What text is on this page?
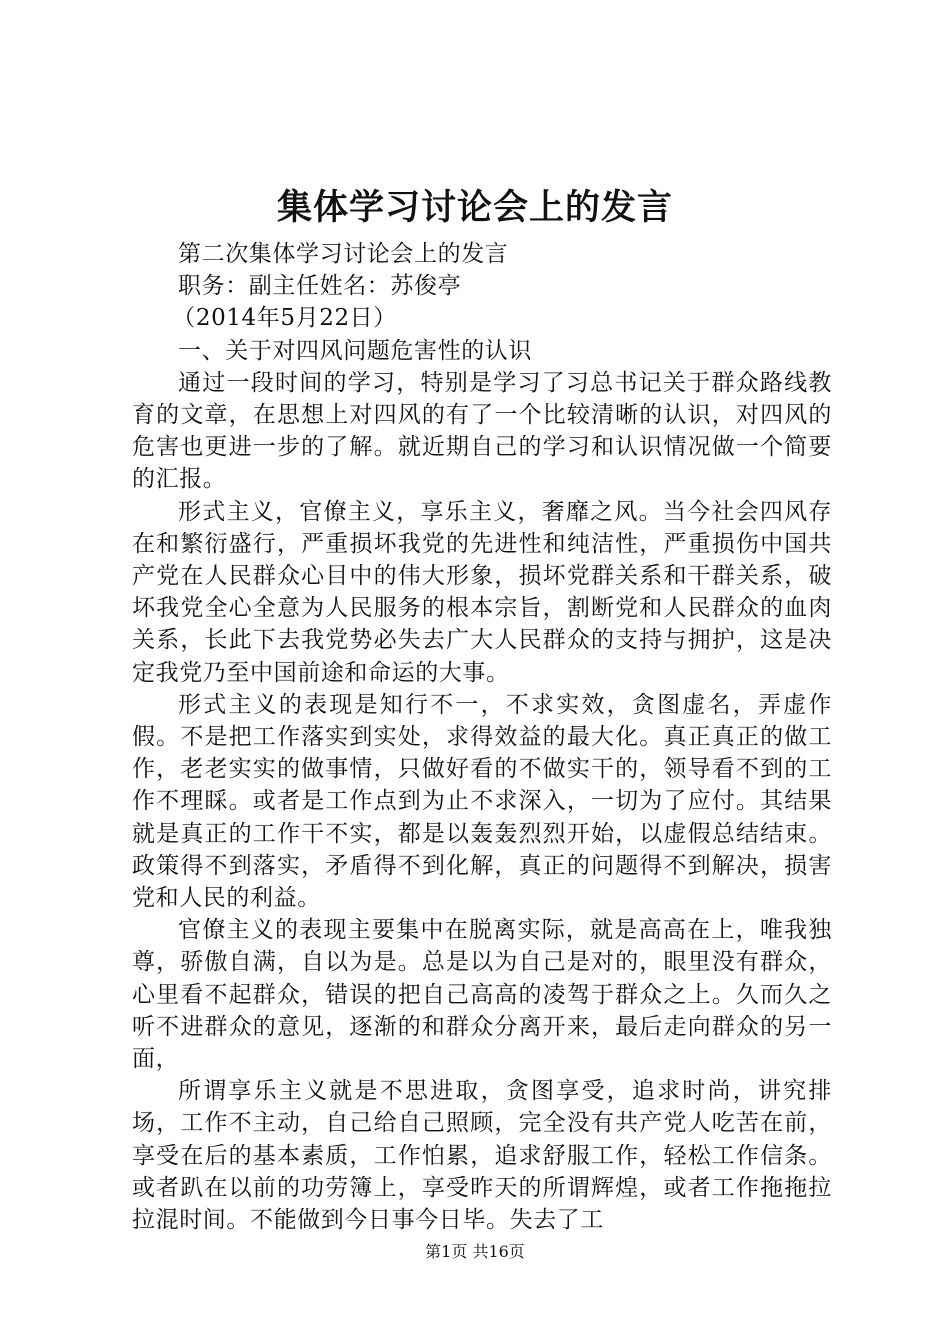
集体学习讨论会上的发言

第二次集体学习讨论会上的发言

职务：副主任姓名：苏俊亭

（2014年5月22日）

一、关于对四风问题危害性的认识

通过一段时间的学习，特别是学习了习总书记关于群众路线教育的文章，在思想上对四风的有了一个比较清晰的认识，对四风的危害也更进一步的了解。就近期自己的学习和认识情况做一个简要的汇报。

形式主义，官僚主义，享乐主义，奢靡之风。当今社会四风存在和繁衍盛行，严重损坏我党的先进性和纯洁性，严重损伤中国共产党在人民群众心目中的伟大形象，损坏党群关系和干群关系，破坏我党全心全意为人民服务的根本宗旨，割断党和人民群众的血肉关系，长此下去我党势必失去广大人民群众的支持与拥护，这是决定我党乃至中国前途和命运的大事。

形式主义的表现是知行不一，不求实效，贪图虚名，弄虚作假。不是把工作落实到实处，求得效益的最大化。真正真正的做工作，老老实实的做事情，只做好看的不做实干的，领导看不到的工作不理睬。或者是工作点到为止不求深入，一切为了应付。其结果就是真正的工作干不实，都是以轰轰烈烈开始，以虚假总结结束。政策得不到落实，矛盾得不到化解，真正的问题得不到解决，损害党和人民的利益。

官僚主义的表现主要集中在脱离实际，就是高高在上，唯我独尊，骄傲自满，自以为是。总是以为自己是对的，眼里没有群众，心里看不起群众，错误的把自己高高的凌驾于群众之上。久而久之听不进群众的意见，逐渐的和群众分离开来，最后走向群众的另一面，

所谓享乐主义就是不思进取，贪图享受，追求时尚，讲究排场，工作不主动，自己给自己照顾，完全没有共产党人吃苦在前，享受在后的基本素质，工作怕累，追求舒服工作，轻松工作信条。或者趴在以前的功劳簿上，享受昨天的所谓辉煌，或者工作拖拖拉拉混时间。不能做到今日事今日毕。失去了工

第1页 共16页
